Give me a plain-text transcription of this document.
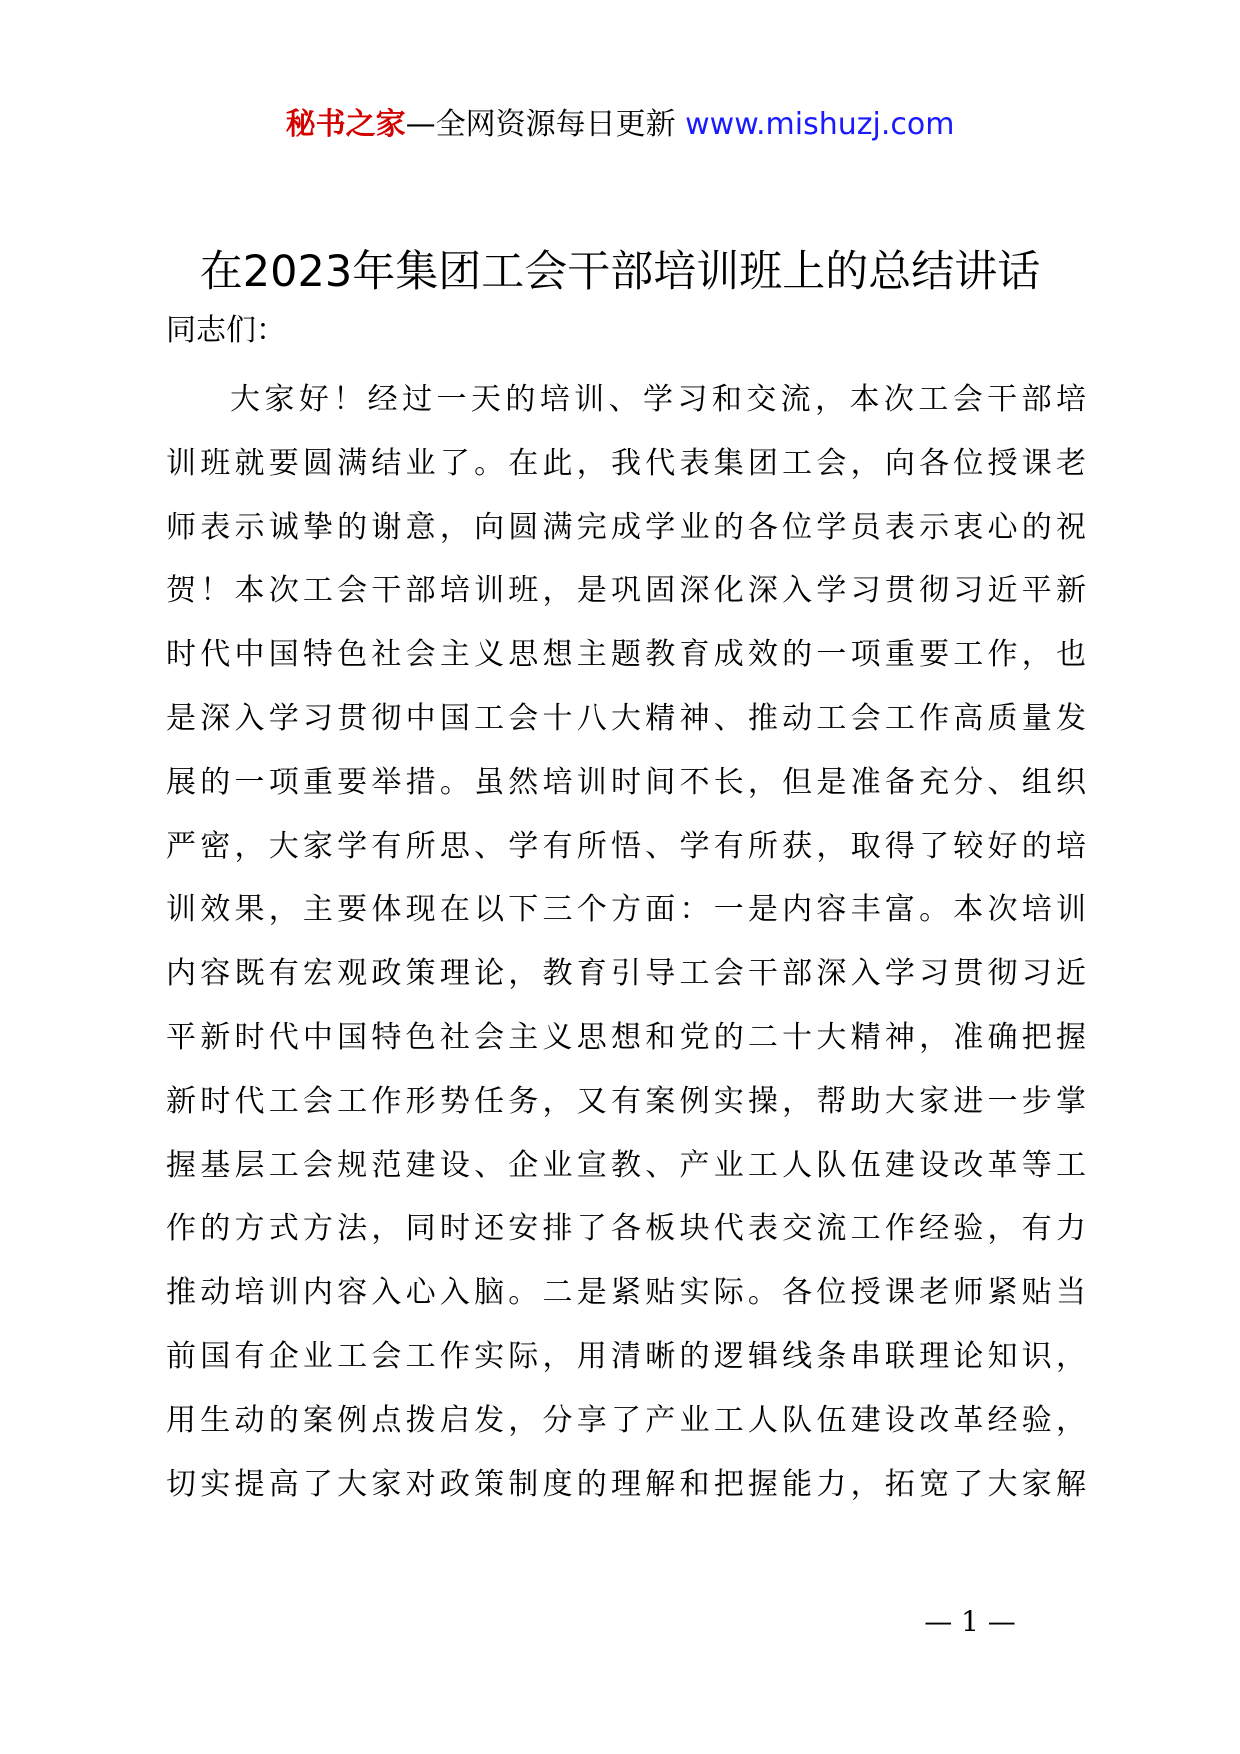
秘书之家—全网资源每日更新 www.mishuzj.com
在2023年集团工会干部培训班上的总结讲话
同志们：
大家好！经过一天的培训、学习和交流，本次工会干部培
训班就要圆满结业了。在此，我代表集团工会，向各位授课老
师表示诚挚的谢意，向圆满完成学业的各位学员表示衷心的祝
贺！本次工会干部培训班，是巩固深化深入学习贯彻习近平新
时代中国特色社会主义思想主题教育成效的一项重要工作，也
是深入学习贯彻中国工会十八大精神、推动工会工作高质量发
展的一项重要举措。虽然培训时间不长，但是准备充分、组织
严密，大家学有所思、学有所悟、学有所获，取得了较好的培
训效果，主要体现在以下三个方面：一是内容丰富。本次培训
内容既有宏观政策理论，教育引导工会干部深入学习贯彻习近
平新时代中国特色社会主义思想和党的二十大精神，准确把握
新时代工会工作形势任务，又有案例实操，帮助大家进一步掌
握基层工会规范建设、企业宣教、产业工人队伍建设改革等工
作的方式方法，同时还安排了各板块代表交流工作经验，有力
推动培训内容入心入脑。二是紧贴实际。各位授课老师紧贴当
前国有企业工会工作实际，用清晰的逻辑线条串联理论知识，
用生动的案例点拨启发，分享了产业工人队伍建设改革经验，
切实提高了大家对政策制度的理解和把握能力，拓宽了大家解
— 1 —
